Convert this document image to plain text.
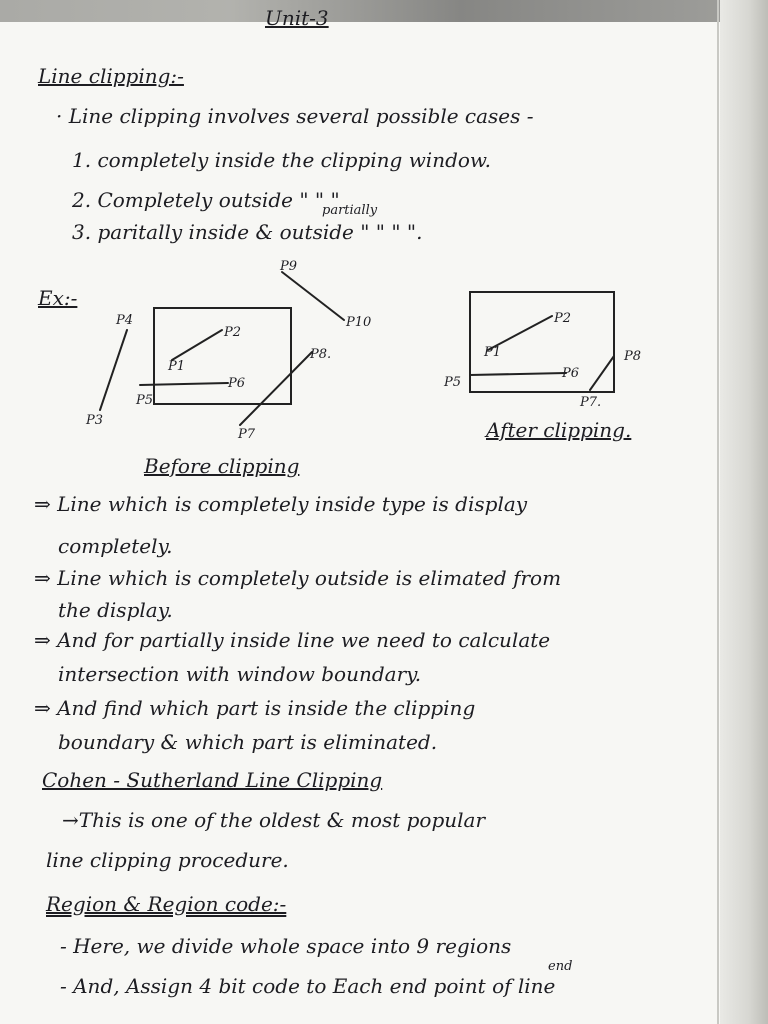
Unit-3
Line clipping:-
· Line clipping involves several possible cases -
1. completely inside the clipping window.
2. Completely outside " " "
partially
3. paritally inside & outside " " " ".
Ex:-
P4
P2
P1
P6
P5
P3
P7
P8.
P9
P10	P2
P1	P8
P6
P5
P7.
After clipping.
Before clipping
⇒ Line which is completely inside type is display
completely.
⇒ Line which is completely outside is elimated from
the display.
⇒ And for partially inside line we need to calculate
intersection with window boundary.
⇒ And find which part is inside the clipping
boundary & which part is eliminated.
Cohen - Sutherland Line Clipping
→This is one of the oldest & most popular
line clipping procedure.
Region & Region code:-
- Here, we divide whole space into 9 regions
end
- And, Assign 4 bit code to Each end point of line
